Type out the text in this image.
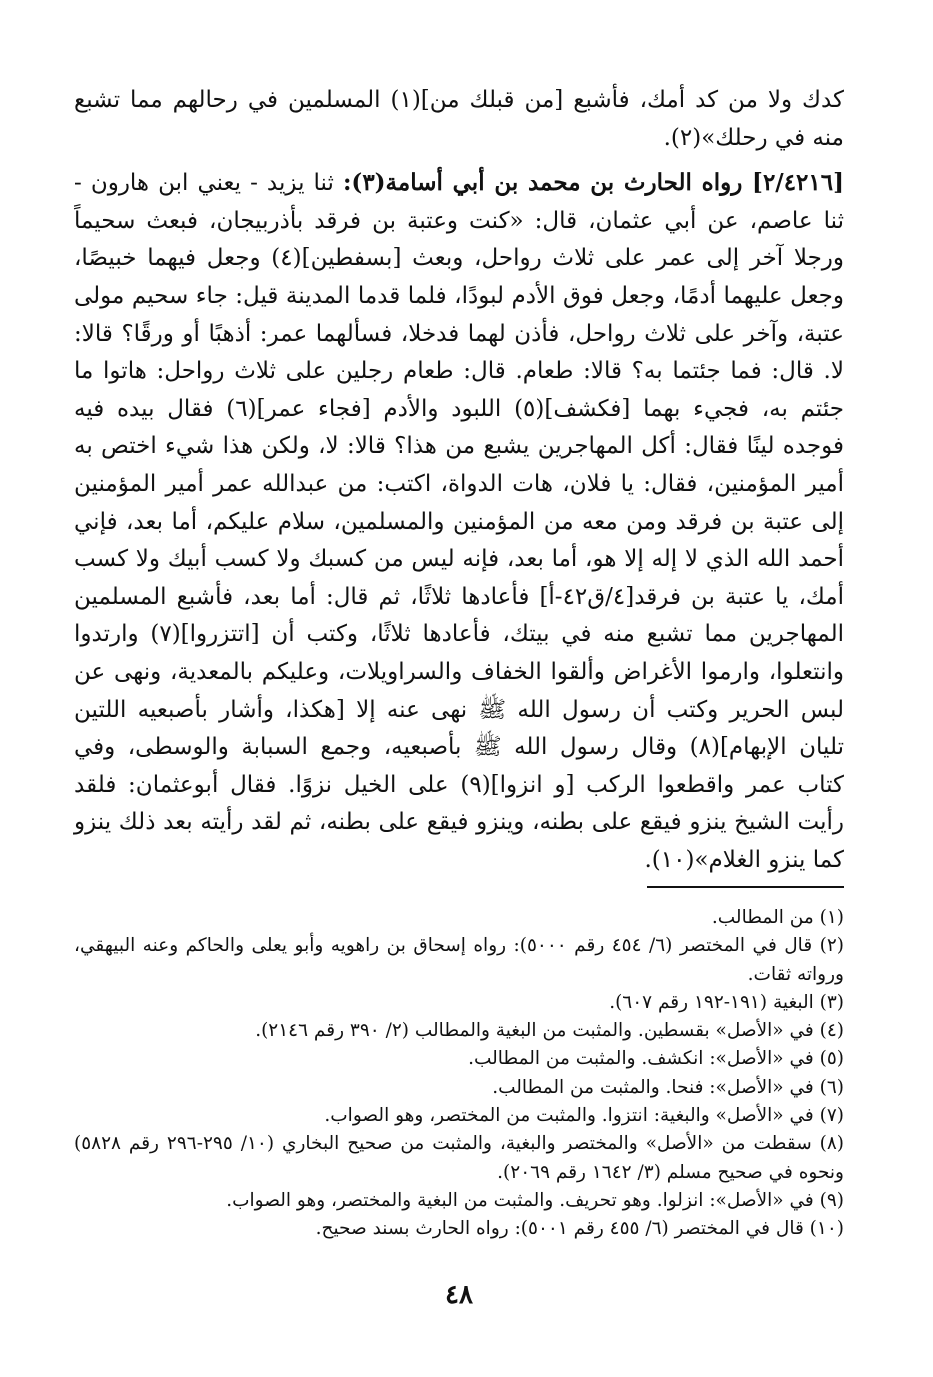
كدك ولا من كد أمك، فأشبع [من قبلك من](١) المسلمين في رحالهم مما تشبع منه في رحلك»(٢).

[٢/٤٢١٦] رواه الحارث بن محمد بن أبي أسامة(٣): ثنا يزيد - يعني ابن هارون - ثنا عاصم، عن أبي عثمان، قال: «كنت وعتبة بن فرقد بأذربيجان، فبعث سحيماً ورجلا آخر إلى عمر على ثلاث رواحل، وبعث [بسفطين](٤) وجعل فيهما خبيصًا، وجعل عليهما أدمًا، وجعل فوق الأدم لبودًا، فلما قدما المدينة قيل: جاء سحيم مولى عتبة، وآخر على ثلاث رواحل، فأذن لهما فدخلا، فسألهما عمر: أذهبًا أو ورقًا؟ قالا: لا. قال: فما جئتما به؟ قالا: طعام. قال: طعام رجلين على ثلاث رواحل: هاتوا ما جئتم به، فجيء بهما [فكشف](٥) اللبود والأدم [فجاء عمر](٦) فقال بيده فيه فوجده لينًا فقال: أكل المهاجرين يشبع من هذا؟ قالا: لا، ولكن هذا شيء اختص به أمير المؤمنين، فقال: يا فلان، هات الدواة، اكتب: من عبدالله عمر أمير المؤمنين إلى عتبة بن فرقد ومن معه من المؤمنين والمسلمين، سلام عليكم، أما بعد، فإني أحمد الله الذي لا إله إلا هو، أما بعد، فإنه ليس من كسبك ولا كسب أبيك ولا كسب أمك، يا عتبة بن فرقد[٤/ق٤٢-أ] فأعادها ثلاثًا، ثم قال: أما بعد، فأشبع المسلمين المهاجرين مما تشبع منه في بيتك، فأعادها ثلاثًا، وكتب أن [اتتزروا](٧) وارتدوا وانتعلوا، وارموا الأغراض وألقوا الخفاف والسراويلات، وعليكم بالمعدية، ونهى عن لبس الحرير وكتب أن رسول الله ﷺ نهى عنه إلا [هكذا، وأشار بأصبعيه اللتين تليان الإبهام](٨) وقال رسول الله ﷺ بأصبعيه، وجمع السبابة والوسطى، وفي كتاب عمر واقطعوا الركب [و انزوا](٩) على الخيل نزوًا. فقال أبوعثمان: فلقد رأيت الشيخ ينزو فيقع على بطنه، وينزو فيقع على بطنه، ثم لقد رأيته بعد ذلك ينزو كما ينزو الغلام»(١٠).

(١) من المطالب.
(٢) قال في المختصر (٦/ ٤٥٤ رقم ٥٠٠٠): رواه إسحاق بن راهويه وأبو يعلى والحاكم وعنه البيهقي، ورواته ثقات.
(٣) البغية (١٩١-١٩٢ رقم ٦٠٧).
(٤) في «الأصل» بقسطين. والمثبت من البغية والمطالب (٢/ ٣٩٠ رقم ٢١٤٦).
(٥) في «الأصل»: انكشف. والمثبت من المطالب.
(٦) في «الأصل»: فنحا. والمثبت من المطالب.
(٧) في «الأصل» والبغية: انتزوا. والمثبت من المختصر، وهو الصواب.
(٨) سقطت من «الأصل» والمختصر والبغية، والمثبت من صحيح البخاري (١٠/ ٢٩٥-٢٩٦ رقم ٥٨٢٨) ونحوه في صحيح مسلم (٣/ ١٦٤٢ رقم ٢٠٦٩).
(٩) في «الأصل»: انزلوا. وهو تحريف. والمثبت من البغية والمختصر، وهو الصواب.
(١٠) قال في المختصر (٦/ ٤٥٥ رقم ٥٠٠١): رواه الحارث بسند صحيح.
٤٨
